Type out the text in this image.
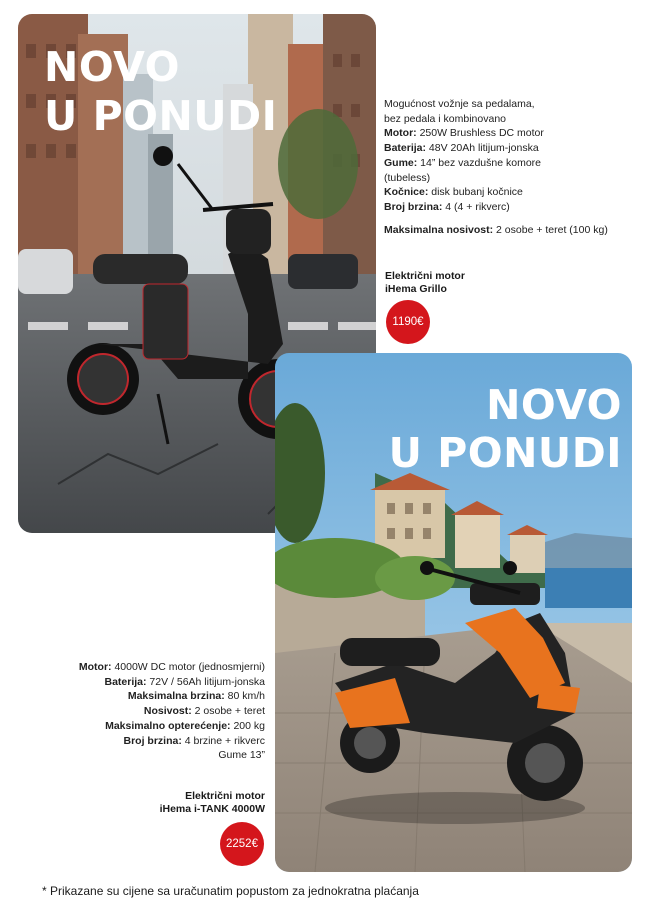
NOVO
U PONUDI	Mogućnost vožnje sa pedalama,
bez pedala i kombinovano
Motor: 250W Brushless DC motor
Baterija: 48V 20Ah litijum-jonska
Gume: 14” bez vazdušne komore
(tubeless)
Kočnice: disk bubanj kočnice
Broj brzina: 4 (4 + rikverc)
Maksimalna nosivost: 2 osobe + teret (100 kg)
Električni motor
iHema Grillo
1190€
NOVO
U PONUDI
Motor: 4000W DC motor (jednosmjerni)
Baterija: 72V / 56Ah litijum-jonska
Maksimalna brzina: 80 km/h
Nosivost: 2 osobe + teret
Maksimalno opterećenje: 200 kg
Broj brzina: 4 brzine + rikverc
Gume 13”
Električni motor
iHema i-TANK 4000W
2252€
* Prikazane su cijene sa uračunatim popustom za jednokratna plaćanja
